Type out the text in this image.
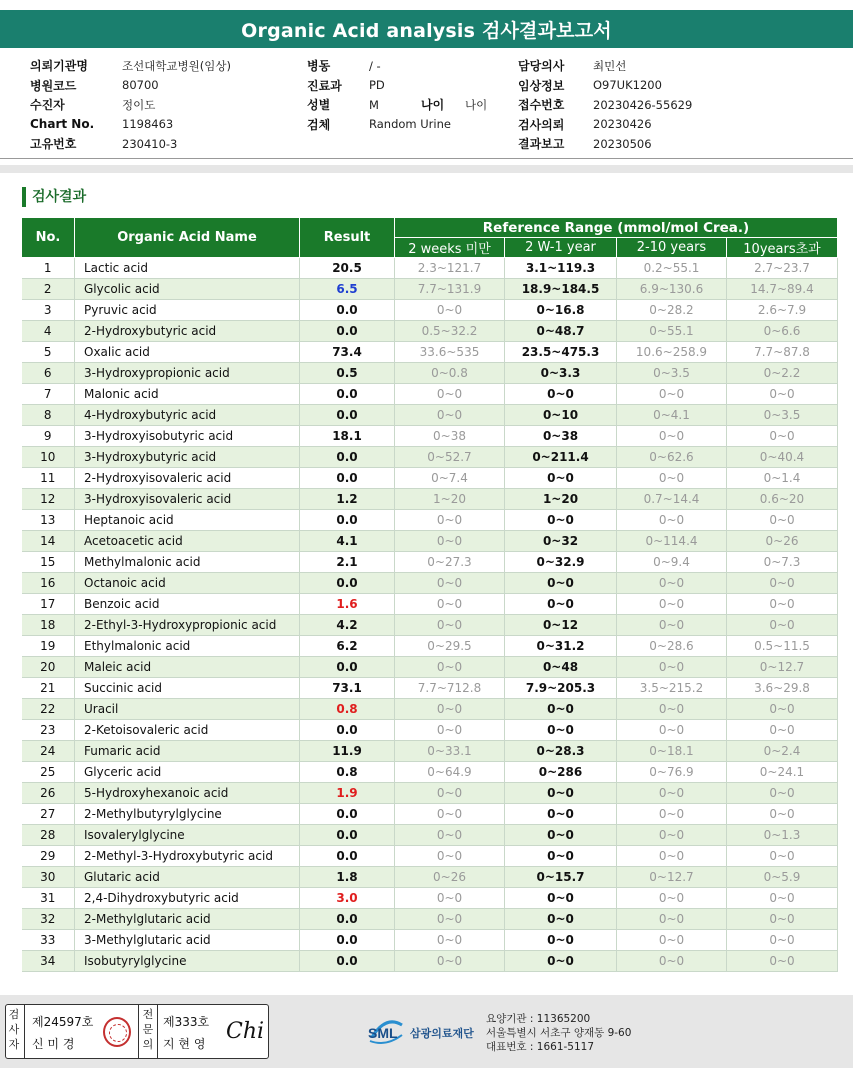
Organic Acid analysis 검사결과보고서
의뢰기관명	조선대학교병원(임상)
병원코드	80700
수진자	정이도
Chart No.	1198463
고유번호	230410-3
병동	/ -
진료과	PD
성별	M	나이	나이
검체	Random Urine
담당의사	최민선
임상정보	O97UK1200
접수번호	20230426-55629
검사의뢰	20230426
결과보고	20230506
검사결과
No.	Organic Acid Name	Result	Reference Range (mmol/mol Crea.)			
			2 weeks 미만	2 W-1 year	2-10 years	10years초과
1	Lactic acid	20.5	2.3~121.7	3.1~119.3	0.2~55.1	2.7~23.7
2	Glycolic acid	6.5	7.7~131.9	18.9~184.5	6.9~130.6	14.7~89.4
3	Pyruvic acid	0.0	0~0	0~16.8	0~28.2	2.6~7.9
4	2-Hydroxybutyric acid	0.0	0.5~32.2	0~48.7	0~55.1	0~6.6
5	Oxalic acid	73.4	33.6~535	23.5~475.3	10.6~258.9	7.7~87.8
6	3-Hydroxypropionic acid	0.5	0~0.8	0~3.3	0~3.5	0~2.2
7	Malonic acid	0.0	0~0	0~0	0~0	0~0
8	4-Hydroxybutyric acid	0.0	0~0	0~10	0~4.1	0~3.5
9	3-Hydroxyisobutyric acid	18.1	0~38	0~38	0~0	0~0
10	3-Hydroxybutyric acid	0.0	0~52.7	0~211.4	0~62.6	0~40.4
11	2-Hydroxyisovaleric acid	0.0	0~7.4	0~0	0~0	0~1.4
12	3-Hydroxyisovaleric acid	1.2	1~20	1~20	0.7~14.4	0.6~20
13	Heptanoic acid	0.0	0~0	0~0	0~0	0~0
14	Acetoacetic acid	4.1	0~0	0~32	0~114.4	0~26
15	Methylmalonic acid	2.1	0~27.3	0~32.9	0~9.4	0~7.3
16	Octanoic acid	0.0	0~0	0~0	0~0	0~0
17	Benzoic acid	1.6	0~0	0~0	0~0	0~0
18	2-Ethyl-3-Hydroxypropionic acid	4.2	0~0	0~12	0~0	0~0
19	Ethylmalonic acid	6.2	0~29.5	0~31.2	0~28.6	0.5~11.5
20	Maleic acid	0.0	0~0	0~48	0~0	0~12.7
21	Succinic acid	73.1	7.7~712.8	7.9~205.3	3.5~215.2	3.6~29.8
22	Uracil	0.8	0~0	0~0	0~0	0~0
23	2-Ketoisovaleric acid	0.0	0~0	0~0	0~0	0~0
24	Fumaric acid	11.9	0~33.1	0~28.3	0~18.1	0~2.4
25	Glyceric acid	0.8	0~64.9	0~286	0~76.9	0~24.1
26	5-Hydroxyhexanoic acid	1.9	0~0	0~0	0~0	0~0
27	2-Methylbutyrylglycine	0.0	0~0	0~0	0~0	0~0
28	Isovalerylglycine	0.0	0~0	0~0	0~0	0~1.3
29	2-Methyl-3-Hydroxybutyric acid	0.0	0~0	0~0	0~0	0~0
30	Glutaric acid	1.8	0~26	0~15.7	0~12.7	0~5.9
31	2,4-Dihydroxybutyric acid	3.0	0~0	0~0	0~0	0~0
32	2-Methylglutaric acid	0.0	0~0	0~0	0~0	0~0
33	3-Methylglutaric acid	0.0	0~0	0~0	0~0	0~0
34	Isobutyrylglycine	0.0	0~0	0~0	0~0	0~0
검사자
제24597호
신 미 경
전문의
제333호
지 현 영 Chi	SML 삼광의료재단
요양기관 : 11365200
서울특별시 서초구 양재동 9-60
대표번호 : 1661-5117
